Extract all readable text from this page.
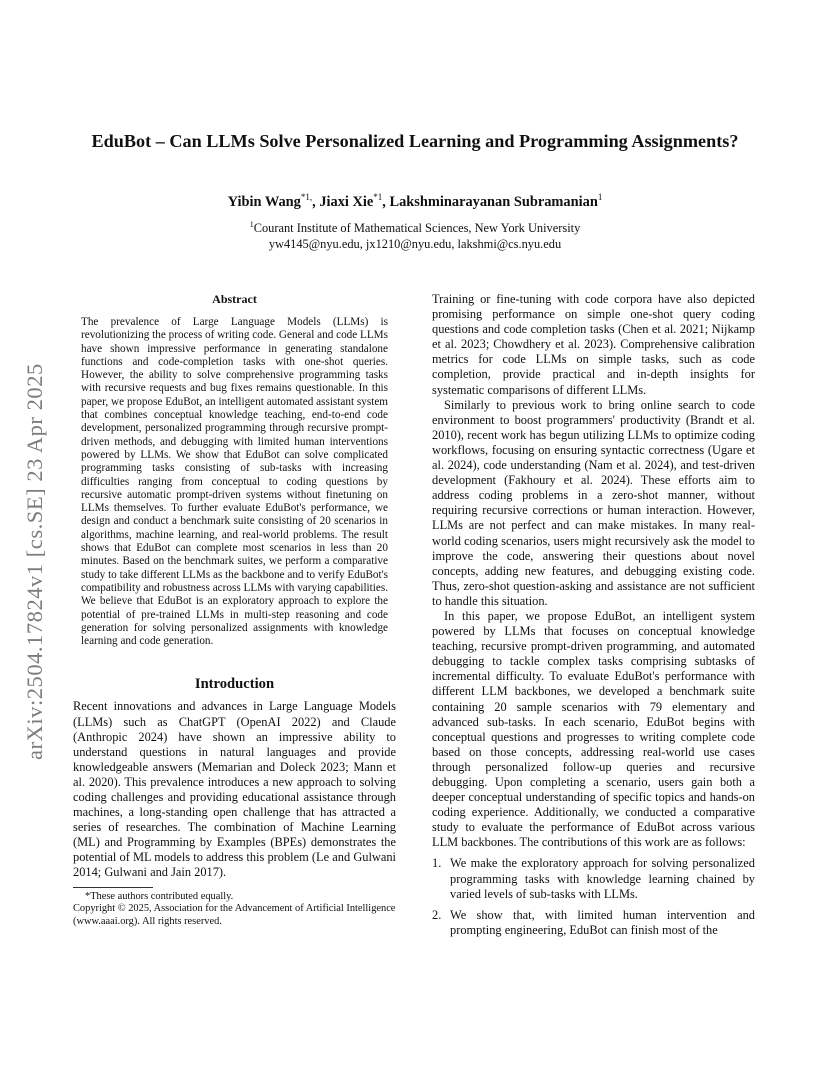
arXiv:2504.17824v1 [cs.SE] 23 Apr 2025
EduBot – Can LLMs Solve Personalized Learning and Programming Assignments?

Yibin Wang$^{*1,}$, Jiaxi Xie$^{*1}$, Lakshminarayanan Subramanian$^1$

$^1$Courant Institute of Mathematical Sciences, New York University
yw4145@nyu.edu, jx1210@nyu.edu, lakshmi@cs.nyu.edu
Abstract

The prevalence of Large Language Models (LLMs) is revolutionizing the process of writing code. General and code LLMs have shown impressive performance in generating standalone functions and code-completion tasks with one-shot queries. However, the ability to solve comprehensive programming tasks with recursive requests and bug fixes remains questionable. In this paper, we propose EduBot, an intelligent automated assistant system that combines conceptual knowledge teaching, end-to-end code development, personalized programming through recursive prompt-driven methods, and debugging with limited human interventions powered by LLMs. We show that EduBot can solve complicated programming tasks consisting of sub-tasks with increasing difficulties ranging from conceptual to coding questions by recursive automatic prompt-driven systems without finetuning on LLMs themselves. To further evaluate EduBot's performance, we design and conduct a benchmark suite consisting of 20 scenarios in algorithms, machine learning, and real-world problems. The result shows that EduBot can complete most scenarios in less than 20 minutes. Based on the benchmark suites, we perform a comparative study to take different LLMs as the backbone and to verify EduBot's compatibility and robustness across LLMs with varying capabilities. We believe that EduBot is an exploratory approach to explore the potential of pre-trained LLMs in multi-step reasoning and code generation for solving personalized assignments with knowledge learning and code generation.

Introduction

Recent innovations and advances in Large Language Models (LLMs) such as ChatGPT (OpenAI 2022) and Claude (Anthropic 2024) have shown an impressive ability to understand questions in natural languages and provide knowledgeable answers (Memarian and Doleck 2023; Mann et al. 2020). This prevalence introduces a new approach to solving coding challenges and providing educational assistance through machines, a long-standing open challenge that has attracted a series of researches. The combination of Machine Learning (ML) and Programming by Examples (BPEs) demonstrates the potential of ML models to address this problem (Le and Gulwani 2014; Gulwani and Jain 2017).

*These authors contributed equally.

Copyright © 2025, Association for the Advancement of Artificial Intelligence (www.aaai.org). All rights reserved.

Training or fine-tuning with code corpora have also depicted promising performance on simple one-shot query coding questions and code completion tasks (Chen et al. 2021; Nijkamp et al. 2023; Chowdhery et al. 2023). Comprehensive calibration metrics for code LLMs on simple tasks, such as code completion, provide practical and in-depth insights for systematic comparisons of different LLMs.

Similarly to previous work to bring online search to code environment to boost programmers' productivity (Brandt et al. 2010), recent work has begun utilizing LLMs to optimize coding workflows, focusing on ensuring syntactic correctness (Ugare et al. 2024), code understanding (Nam et al. 2024), and test-driven development (Fakhoury et al. 2024). These efforts aim to address coding problems in a zero-shot manner, without requiring recursive corrections or human interaction. However, LLMs are not perfect and can make mistakes. In many real-world coding scenarios, users might recursively ask the model to improve the code, answering their questions about novel concepts, adding new features, and debugging existing code. Thus, zero-shot question-asking and assistance are not sufficient to handle this situation.

In this paper, we propose EduBot, an intelligent system powered by LLMs that focuses on conceptual knowledge teaching, recursive prompt-driven programming, and automated debugging to tackle complex tasks comprising subtasks of incremental difficulty. To evaluate EduBot's performance with different LLM backbones, we developed a benchmark suite containing 20 sample scenarios with 79 elementary and advanced sub-tasks. In each scenario, EduBot begins with conceptual questions and progresses to writing complete code based on those concepts, addressing real-world use cases through personalized follow-up queries and recursive debugging. Upon completing a scenario, users gain both a deeper conceptual understanding of specific topics and hands-on coding experience. Additionally, we conducted a comparative study to evaluate the performance of EduBot across various LLM backbones. The contributions of this work are as follows:

1. We make the exploratory approach for solving personalized programming tasks with knowledge learning chained by varied levels of sub-tasks with LLMs.
2. We show that, with limited human intervention and prompting engineering, EduBot can finish most of the
